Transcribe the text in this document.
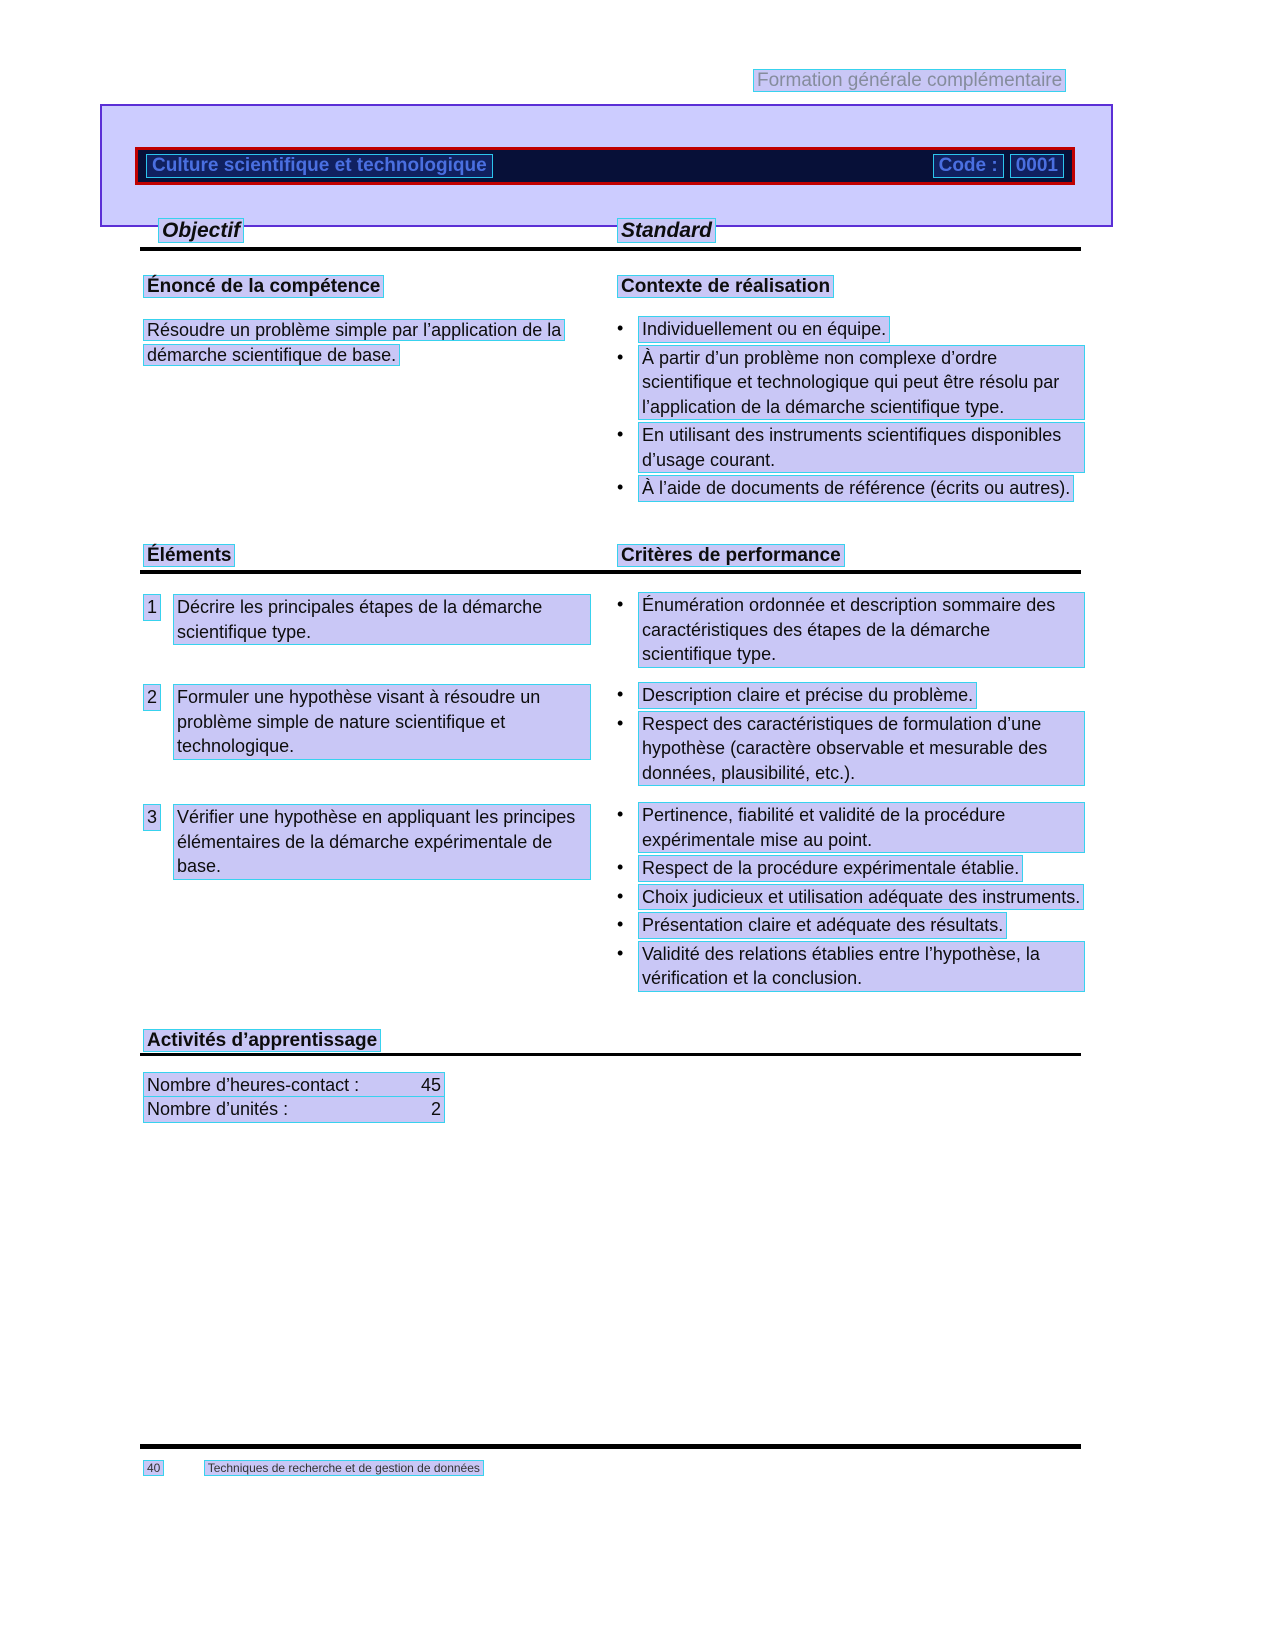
Formation générale complémentaire
Culture scientifique et technologique	Code : 0001
Objectif	Standard
Énoncé de la compétence	Contexte de réalisation
Résoudre un problème simple par l’application de la démarche scientifique de base.
•	Individuellement ou en équipe.
•	À partir d’un problème non complexe d’ordre scientifique et technologique qui peut être résolu par l’application de la démarche scientifique type.
•	En utilisant des instruments scientifiques disponibles d’usage courant.
•	À l’aide de documents de référence (écrits ou autres).
Éléments	Critères de performance
1 Décrire les principales étapes de la démarche scientifique type.
•	Énumération ordonnée et description sommaire des caractéristiques des étapes de la démarche scientifique type.
2 Formuler une hypothèse visant à résoudre un problème simple de nature scientifique et technologique.
•	Description claire et précise du problème.
•	Respect des caractéristiques de formulation d’une hypothèse (caractère observable et mesurable des données, plausibilité, etc.).
3 Vérifier une hypothèse en appliquant les principes élémentaires de la démarche expérimentale de base.
•	Pertinence, fiabilité et validité de la procédure expérimentale mise au point.
•	Respect de la procédure expérimentale établie.
•	Choix judicieux et utilisation adéquate des instruments.
•	Présentation claire et adéquate des résultats.
•	Validité des relations établies entre l’hypothèse, la vérification et la conclusion.
Activités d’apprentissage
Nombre d’heures-contact :	45
Nombre d’unités :	2
40	Techniques de recherche et de gestion de données
